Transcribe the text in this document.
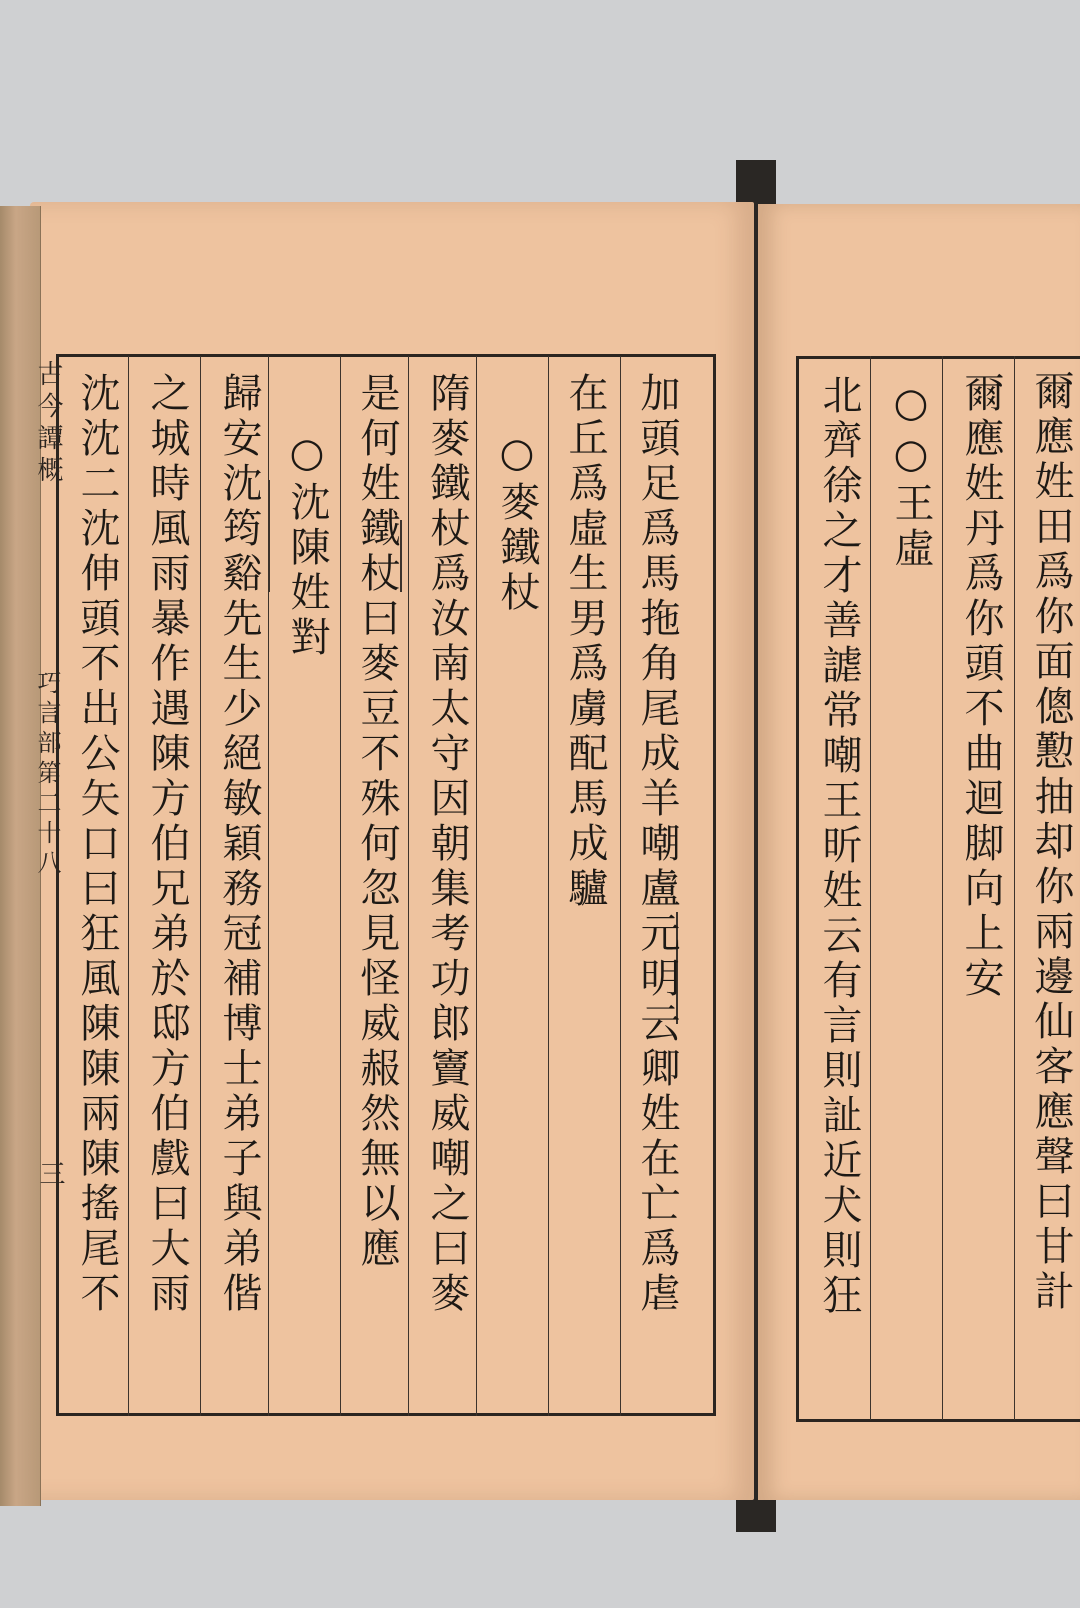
古今譚概
巧言部第二十八
三	加頭足爲馬拖角尾成羊嘲盧元明云卿姓在亡爲虐
在丘爲虛生男爲虜配馬成驢
○麥鐵杖
隋麥鐵杖爲汝南太守因朝集考功郎竇威嘲之曰麥
是何姓鐵杖曰麥豆不殊何忽見怪威赧然無以應
○沈陳姓對
歸安沈筠谿先生少絕敏穎務冠補博士弟子與弟偕
之城時風雨暴作遇陳方伯兄弟於邸方伯戲曰大雨
沈沈二沈伸頭不出公矢口曰狂風陳陳兩陳搖尾不	爾應姓田爲你面傯懃抽却你兩邊仙客應聲曰甘計
爾應姓丹爲你頭不曲迴脚向上安
○○王虛
北齊徐之才善謔常嘲王昕姓云有言則訨近犬則狂
